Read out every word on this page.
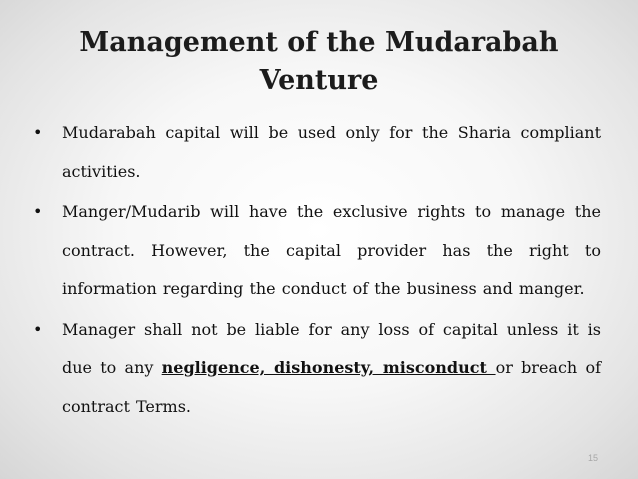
Management of the Mudarabah
Venture
• Mudarabah capital will be used only for the Sharia compliant activities.
• Manger/Mudarib will have the exclusive rights to manage the contract. However, the capital provider has the right to information regarding the conduct of the business and manger.
• Manager shall not be liable for any loss of capital unless it is due to any negligence, dishonesty, misconduct or breach of contract Terms.
15
